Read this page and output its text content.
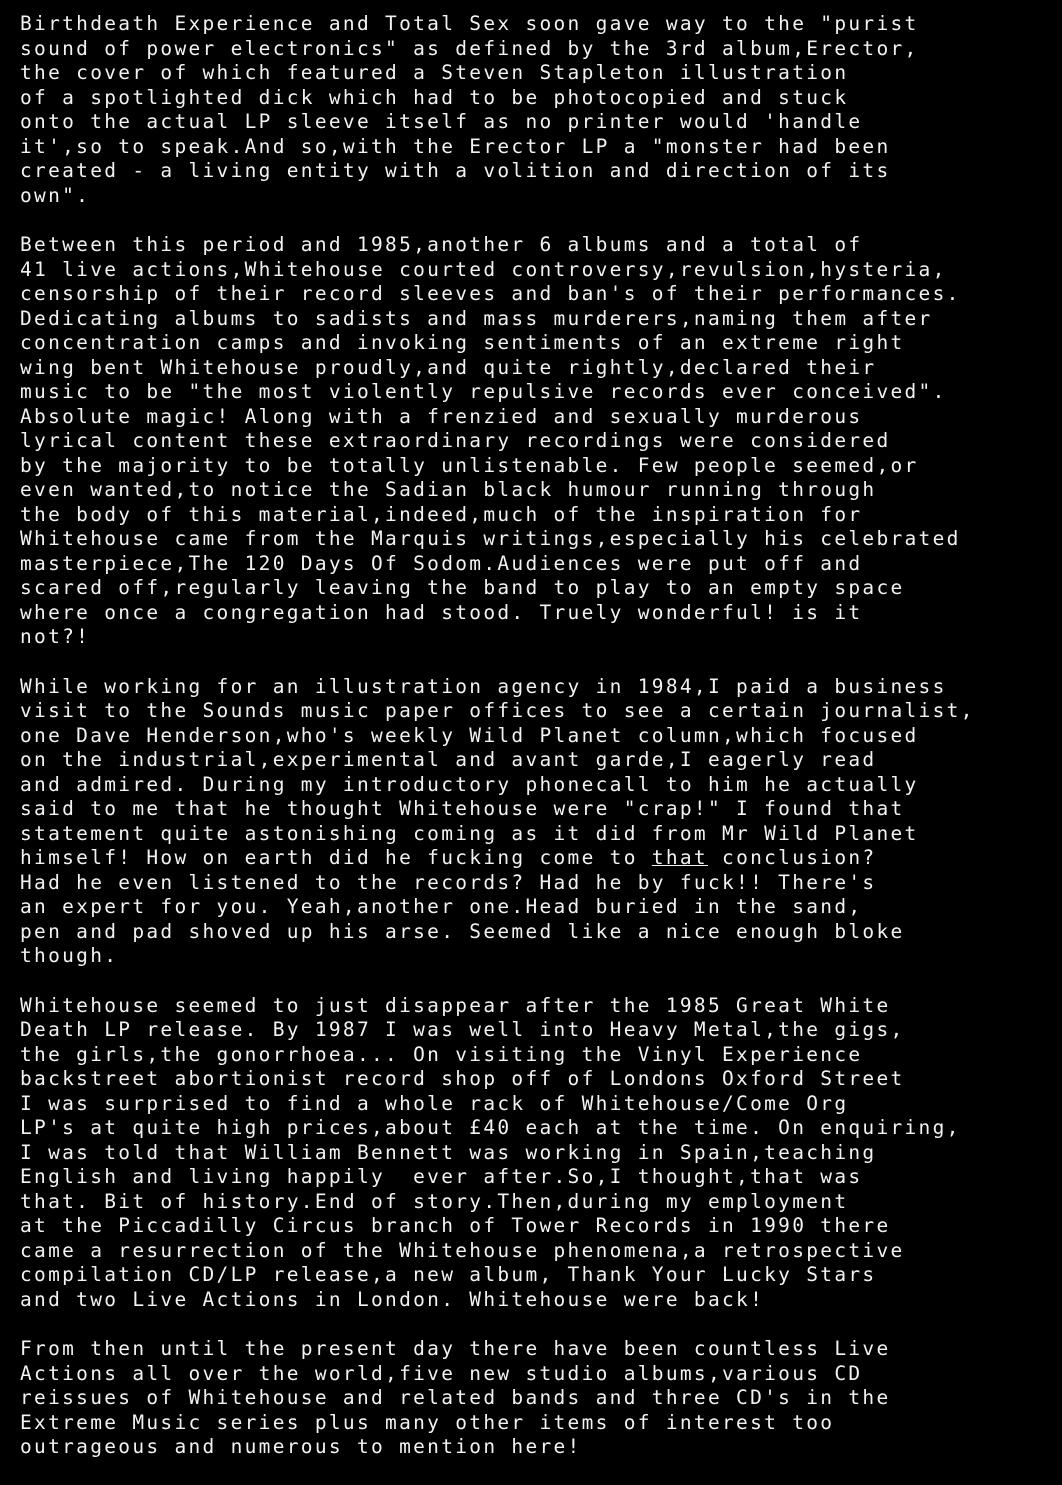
Birthdeath Experience and Total Sex soon gave way to the "purist
sound of power electronics" as defined by the 3rd album,Erector,
the cover of which featured a Steven Stapleton illustration
of a spotlighted dick which had to be photocopied and stuck
onto the actual LP sleeve itself as no printer would 'handle
it',so to speak.And so,with the Erector LP a "monster had been
created - a living entity with a volition and direction of its
own".
Between this period and 1985,another 6 albums and a total of
41 live actions,Whitehouse courted controversy,revulsion,hysteria,
censorship of their record sleeves and ban's of their performances.
Dedicating albums to sadists and mass murderers,naming them after
concentration camps and invoking sentiments of an extreme right
wing bent Whitehouse proudly,and quite rightly,declared their
music to be "the most violently repulsive records ever conceived".
Absolute magic! Along with a frenzied and sexually murderous
lyrical content these extraordinary recordings were considered
by the majority to be totally unlistenable. Few people seemed,or
even wanted,to notice the Sadian black humour running through
the body of this material,indeed,much of the inspiration for
Whitehouse came from the Marquis writings,especially his celebrated
masterpiece,The 120 Days Of Sodom.Audiences were put off and
scared off,regularly leaving the band to play to an empty space
where once a congregation had stood. Truely wonderful! is it
not?!
While working for an illustration agency in 1984,I paid a business
visit to the Sounds music paper offices to see a certain journalist,
one Dave Henderson,who's weekly Wild Planet column,which focused
on the industrial,experimental and avant garde,I eagerly read
and admired. During my introductory phonecall to him he actually
said to me that he thought Whitehouse were "crap!" I found that
statement quite astonishing coming as it did from Mr Wild Planet
himself! How on earth did he fucking come to that conclusion?
Had he even listened to the records? Had he by fuck!! There's
an expert for you. Yeah,another one.Head buried in the sand,
pen and pad shoved up his arse. Seemed like a nice enough bloke
though.
Whitehouse seemed to just disappear after the 1985 Great White
Death LP release. By 1987 I was well into Heavy Metal,the gigs,
the girls,the gonorrhoea... On visiting the Vinyl Experience
backstreet abortionist record shop off of Londons Oxford Street
I was surprised to find a whole rack of Whitehouse/Come Org
LP's at quite high prices,about £40 each at the time. On enquiring,
I was told that William Bennett was working in Spain,teaching
English and living happily  ever after.So,I thought,that was
that. Bit of history.End of story.Then,during my employment
at the Piccadilly Circus branch of Tower Records in 1990 there
came a resurrection of the Whitehouse phenomena,a retrospective
compilation CD/LP release,a new album, Thank Your Lucky Stars
and two Live Actions in London. Whitehouse were back!
From then until the present day there have been countless Live
Actions all over the world,five new studio albums,various CD
reissues of Whitehouse and related bands and three CD's in the
Extreme Music series plus many other items of interest too
outrageous and numerous to mention here!
